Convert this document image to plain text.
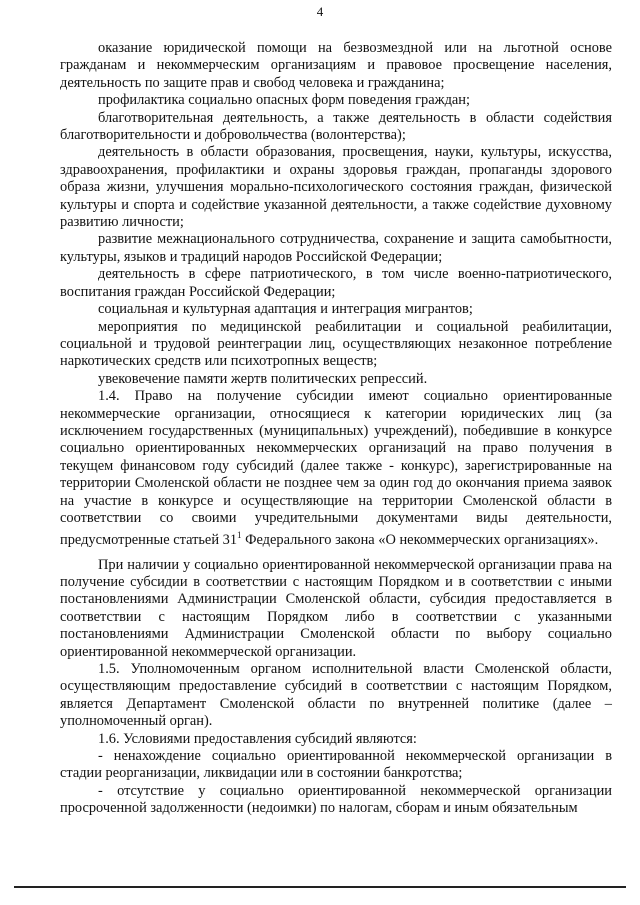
4

оказание юридической помощи на безвозмездной или на льготной основе гражданам и некоммерческим организациям и правовое просвещение населения, деятельность по защите прав и свобод человека и гражданина;

профилактика социально опасных форм поведения граждан;

благотворительная деятельность, а также деятельность в области содействия благотворительности и добровольчества (волонтерства);

деятельность в области образования, просвещения, науки, культуры, искусства, здравоохранения, профилактики и охраны здоровья граждан, пропаганды здорового образа жизни, улучшения морально-психологического состояния граждан, физической культуры и спорта и содействие указанной деятельности, а также содействие духовному развитию личности;

развитие межнационального сотрудничества, сохранение и защита самобытности, культуры, языков и традиций народов Российской Федерации;

деятельность в сфере патриотического, в том числе военно-патриотического, воспитания граждан Российской Федерации;

социальная и культурная адаптация и интеграция мигрантов;

мероприятия по медицинской реабилитации и социальной реабилитации, социальной и трудовой реинтеграции лиц, осуществляющих незаконное потребление наркотических средств или психотропных веществ;

увековечение памяти жертв политических репрессий.

1.4. Право на получение субсидии имеют социально ориентированные некоммерческие организации, относящиеся к категории юридических лиц (за исключением государственных (муниципальных) учреждений), победившие в конкурсе социально ориентированных некоммерческих организаций на право получения в текущем финансовом году субсидий (далее также - конкурс), зарегистрированные на территории Смоленской области не позднее чем за один год до окончания приема заявок на участие в конкурсе и осуществляющие на территории Смоленской области в соответствии со своими учредительными документами виды деятельности, предусмотренные статьей $31^1$ Федерального закона «О некоммерческих организациях».

При наличии у социально ориентированной некоммерческой организации права на получение субсидии в соответствии с настоящим Порядком и в соответствии с иными постановлениями Администрации Смоленской области, субсидия предоставляется в соответствии с настоящим Порядком либо в соответствии с указанными постановлениями Администрации Смоленской области по выбору социально ориентированной некоммерческой организации.

1.5. Уполномоченным органом исполнительной власти Смоленской области, осуществляющим предоставление субсидий в соответствии с настоящим Порядком, является Департамент Смоленской области по внутренней политике (далее – уполномоченный орган).

1.6. Условиями предоставления субсидий являются:

- ненахождение социально ориентированной некоммерческой организации в стадии реорганизации, ликвидации или в состоянии банкротства;

- отсутствие у социально ориентированной некоммерческой организации просроченной задолженности (недоимки) по налогам, сборам и иным обязательным
